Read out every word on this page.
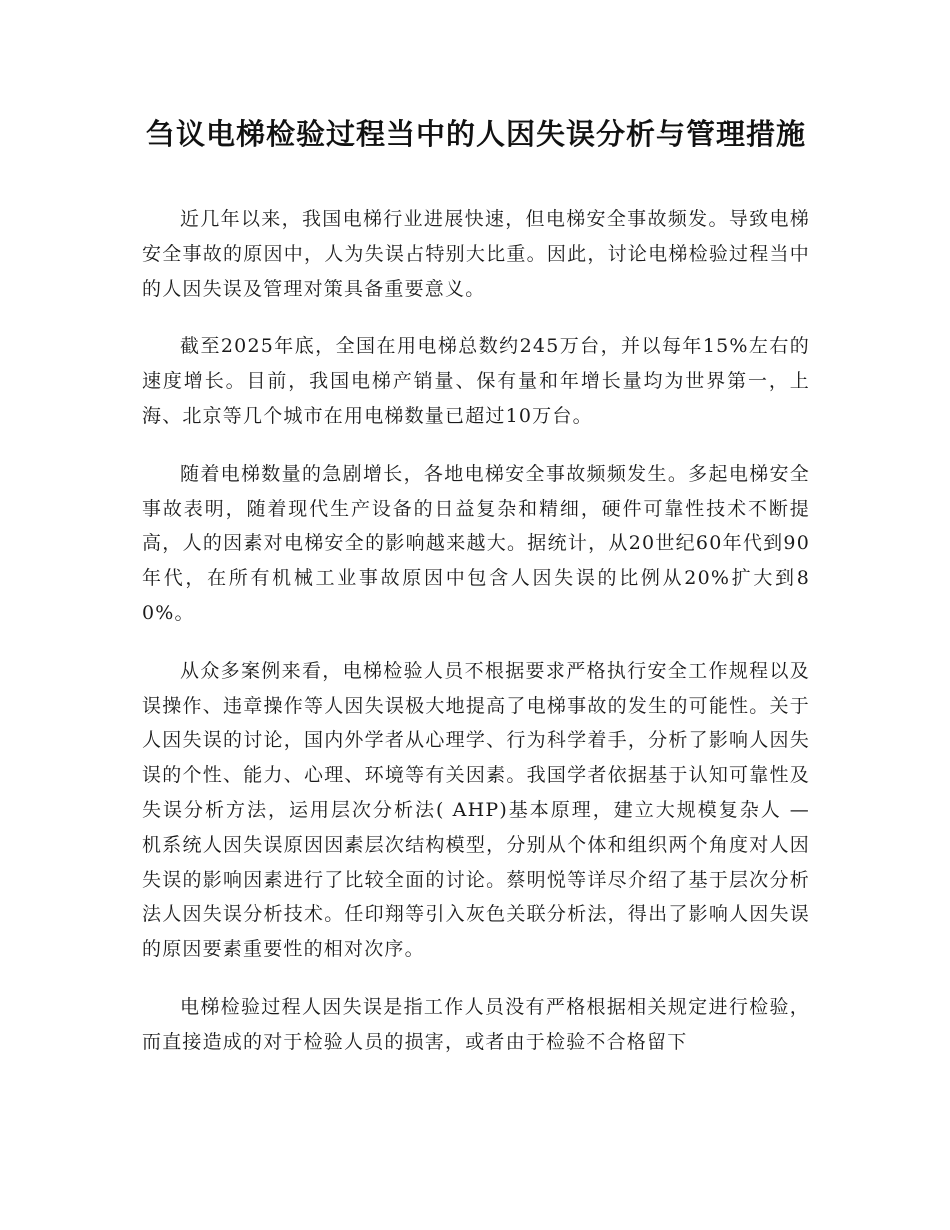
刍议电梯检验过程当中的人因失误分析与管理措施

近几年以来，我国电梯行业进展快速，但电梯安全事故频发。导致电梯安全事故的原因中，人为失误占特别大比重。因此，讨论电梯检验过程当中的人因失误及管理对策具备重要意义。

截至2025年底，全国在用电梯总数约245万台，并以每年15%左右的速度增长。目前，我国电梯产销量、保有量和年增长量均为世界第一，上海、北京等几个城市在用电梯数量已超过10万台。

随着电梯数量的急剧增长，各地电梯安全事故频频发生。多起电梯安全事故表明，随着现代生产设备的日益复杂和精细，硬件可靠性技术不断提高，人的因素对电梯安全的影响越来越大。据统计，从20世纪60年代到90年代，在所有机械工业事故原因中包含人因失误的比例从20%扩大到80%。

从众多案例来看，电梯检验人员不根据要求严格执行安全工作规程以及误操作、违章操作等人因失误极大地提高了电梯事故的发生的可能性。关于人因失误的讨论，国内外学者从心理学、行为科学着手，分析了影响人因失误的个性、能力、心理、环境等有关因素。我国学者依据基于认知可靠性及失误分析方法，运用层次分析法( AHP)基本原理，建立大规模复杂人 — 机系统人因失误原因因素层次结构模型，分别从个体和组织两个角度对人因失误的影响因素进行了比较全面的讨论。蔡明悦等详尽介绍了基于层次分析法人因失误分析技术。任印翔等引入灰色关联分析法，得出了影响人因失误的原因要素重要性的相对次序。

电梯检验过程人因失误是指工作人员没有严格根据相关规定进行检验，而直接造成的对于检验人员的损害，或者由于检验不合格留下
